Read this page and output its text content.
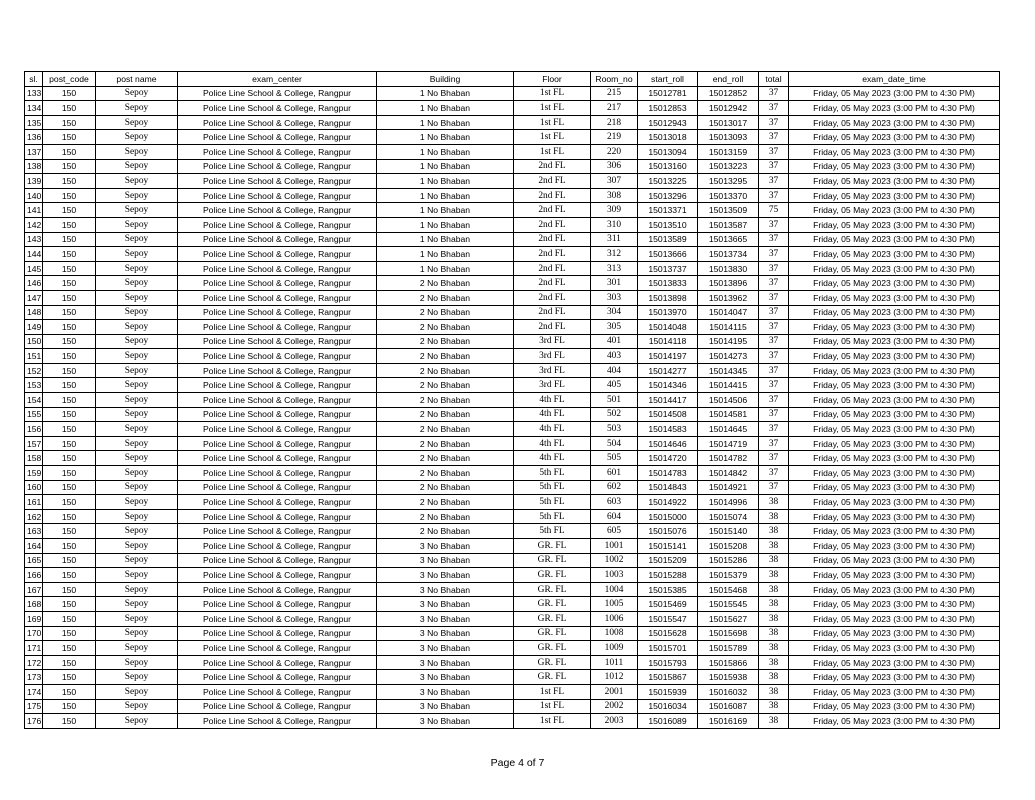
sl.	post_code	post name	exam_center	Building	Floor	Room_no	start_roll	end_roll	total	exam_date_time
133	150	Sepoy	Police Line School & College, Rangpur	1 No Bhaban	1st FL	215	15012781	15012852	37	Friday, 05 May 2023 (3:00 PM to 4:30 PM)
134	150	Sepoy	Police Line School & College, Rangpur	1 No Bhaban	1st FL	217	15012853	15012942	37	Friday, 05 May 2023 (3:00 PM to 4:30 PM)
135	150	Sepoy	Police Line School & College, Rangpur	1 No Bhaban	1st FL	218	15012943	15013017	37	Friday, 05 May 2023 (3:00 PM to 4:30 PM)
136	150	Sepoy	Police Line School & College, Rangpur	1 No Bhaban	1st FL	219	15013018	15013093	37	Friday, 05 May 2023 (3:00 PM to 4:30 PM)
137	150	Sepoy	Police Line School & College, Rangpur	1 No Bhaban	1st FL	220	15013094	15013159	37	Friday, 05 May 2023 (3:00 PM to 4:30 PM)
138	150	Sepoy	Police Line School & College, Rangpur	1 No Bhaban	2nd FL	306	15013160	15013223	37	Friday, 05 May 2023 (3:00 PM to 4:30 PM)
139	150	Sepoy	Police Line School & College, Rangpur	1 No Bhaban	2nd FL	307	15013225	15013295	37	Friday, 05 May 2023 (3:00 PM to 4:30 PM)
140	150	Sepoy	Police Line School & College, Rangpur	1 No Bhaban	2nd FL	308	15013296	15013370	37	Friday, 05 May 2023 (3:00 PM to 4:30 PM)
141	150	Sepoy	Police Line School & College, Rangpur	1 No Bhaban	2nd FL	309	15013371	15013509	75	Friday, 05 May 2023 (3:00 PM to 4:30 PM)
142	150	Sepoy	Police Line School & College, Rangpur	1 No Bhaban	2nd FL	310	15013510	15013587	37	Friday, 05 May 2023 (3:00 PM to 4:30 PM)
143	150	Sepoy	Police Line School & College, Rangpur	1 No Bhaban	2nd FL	311	15013589	15013665	37	Friday, 05 May 2023 (3:00 PM to 4:30 PM)
144	150	Sepoy	Police Line School & College, Rangpur	1 No Bhaban	2nd FL	312	15013666	15013734	37	Friday, 05 May 2023 (3:00 PM to 4:30 PM)
145	150	Sepoy	Police Line School & College, Rangpur	1 No Bhaban	2nd FL	313	15013737	15013830	37	Friday, 05 May 2023 (3:00 PM to 4:30 PM)
146	150	Sepoy	Police Line School & College, Rangpur	2 No Bhaban	2nd FL	301	15013833	15013896	37	Friday, 05 May 2023 (3:00 PM to 4:30 PM)
147	150	Sepoy	Police Line School & College, Rangpur	2 No Bhaban	2nd FL	303	15013898	15013962	37	Friday, 05 May 2023 (3:00 PM to 4:30 PM)
148	150	Sepoy	Police Line School & College, Rangpur	2 No Bhaban	2nd FL	304	15013970	15014047	37	Friday, 05 May 2023 (3:00 PM to 4:30 PM)
149	150	Sepoy	Police Line School & College, Rangpur	2 No Bhaban	2nd FL	305	15014048	15014115	37	Friday, 05 May 2023 (3:00 PM to 4:30 PM)
150	150	Sepoy	Police Line School & College, Rangpur	2 No Bhaban	3rd FL	401	15014118	15014195	37	Friday, 05 May 2023 (3:00 PM to 4:30 PM)
151	150	Sepoy	Police Line School & College, Rangpur	2 No Bhaban	3rd FL	403	15014197	15014273	37	Friday, 05 May 2023 (3:00 PM to 4:30 PM)
152	150	Sepoy	Police Line School & College, Rangpur	2 No Bhaban	3rd FL	404	15014277	15014345	37	Friday, 05 May 2023 (3:00 PM to 4:30 PM)
153	150	Sepoy	Police Line School & College, Rangpur	2 No Bhaban	3rd FL	405	15014346	15014415	37	Friday, 05 May 2023 (3:00 PM to 4:30 PM)
154	150	Sepoy	Police Line School & College, Rangpur	2 No Bhaban	4th FL	501	15014417	15014506	37	Friday, 05 May 2023 (3:00 PM to 4:30 PM)
155	150	Sepoy	Police Line School & College, Rangpur	2 No Bhaban	4th FL	502	15014508	15014581	37	Friday, 05 May 2023 (3:00 PM to 4:30 PM)
156	150	Sepoy	Police Line School & College, Rangpur	2 No Bhaban	4th FL	503	15014583	15014645	37	Friday, 05 May 2023 (3:00 PM to 4:30 PM)
157	150	Sepoy	Police Line School & College, Rangpur	2 No Bhaban	4th FL	504	15014646	15014719	37	Friday, 05 May 2023 (3:00 PM to 4:30 PM)
158	150	Sepoy	Police Line School & College, Rangpur	2 No Bhaban	4th FL	505	15014720	15014782	37	Friday, 05 May 2023 (3:00 PM to 4:30 PM)
159	150	Sepoy	Police Line School & College, Rangpur	2 No Bhaban	5th FL	601	15014783	15014842	37	Friday, 05 May 2023 (3:00 PM to 4:30 PM)
160	150	Sepoy	Police Line School & College, Rangpur	2 No Bhaban	5th FL	602	15014843	15014921	37	Friday, 05 May 2023 (3:00 PM to 4:30 PM)
161	150	Sepoy	Police Line School & College, Rangpur	2 No Bhaban	5th FL	603	15014922	15014996	38	Friday, 05 May 2023 (3:00 PM to 4:30 PM)
162	150	Sepoy	Police Line School & College, Rangpur	2 No Bhaban	5th FL	604	15015000	15015074	38	Friday, 05 May 2023 (3:00 PM to 4:30 PM)
163	150	Sepoy	Police Line School & College, Rangpur	2 No Bhaban	5th FL	605	15015076	15015140	38	Friday, 05 May 2023 (3:00 PM to 4:30 PM)
164	150	Sepoy	Police Line School & College, Rangpur	3 No Bhaban	GR. FL	1001	15015141	15015208	38	Friday, 05 May 2023 (3:00 PM to 4:30 PM)
165	150	Sepoy	Police Line School & College, Rangpur	3 No Bhaban	GR. FL	1002	15015209	15015286	38	Friday, 05 May 2023 (3:00 PM to 4:30 PM)
166	150	Sepoy	Police Line School & College, Rangpur	3 No Bhaban	GR. FL	1003	15015288	15015379	38	Friday, 05 May 2023 (3:00 PM to 4:30 PM)
167	150	Sepoy	Police Line School & College, Rangpur	3 No Bhaban	GR. FL	1004	15015385	15015468	38	Friday, 05 May 2023 (3:00 PM to 4:30 PM)
168	150	Sepoy	Police Line School & College, Rangpur	3 No Bhaban	GR. FL	1005	15015469	15015545	38	Friday, 05 May 2023 (3:00 PM to 4:30 PM)
169	150	Sepoy	Police Line School & College, Rangpur	3 No Bhaban	GR. FL	1006	15015547	15015627	38	Friday, 05 May 2023 (3:00 PM to 4:30 PM)
170	150	Sepoy	Police Line School & College, Rangpur	3 No Bhaban	GR. FL	1008	15015628	15015698	38	Friday, 05 May 2023 (3:00 PM to 4:30 PM)
171	150	Sepoy	Police Line School & College, Rangpur	3 No Bhaban	GR. FL	1009	15015701	15015789	38	Friday, 05 May 2023 (3:00 PM to 4:30 PM)
172	150	Sepoy	Police Line School & College, Rangpur	3 No Bhaban	GR. FL	1011	15015793	15015866	38	Friday, 05 May 2023 (3:00 PM to 4:30 PM)
173	150	Sepoy	Police Line School & College, Rangpur	3 No Bhaban	GR. FL	1012	15015867	15015938	38	Friday, 05 May 2023 (3:00 PM to 4:30 PM)
174	150	Sepoy	Police Line School & College, Rangpur	3 No Bhaban	1st FL	2001	15015939	15016032	38	Friday, 05 May 2023 (3:00 PM to 4:30 PM)
175	150	Sepoy	Police Line School & College, Rangpur	3 No Bhaban	1st FL	2002	15016034	15016087	38	Friday, 05 May 2023 (3:00 PM to 4:30 PM)
176	150	Sepoy	Police Line School & College, Rangpur	3 No Bhaban	1st FL	2003	15016089	15016169	38	Friday, 05 May 2023 (3:00 PM to 4:30 PM)
Page 4 of 7
